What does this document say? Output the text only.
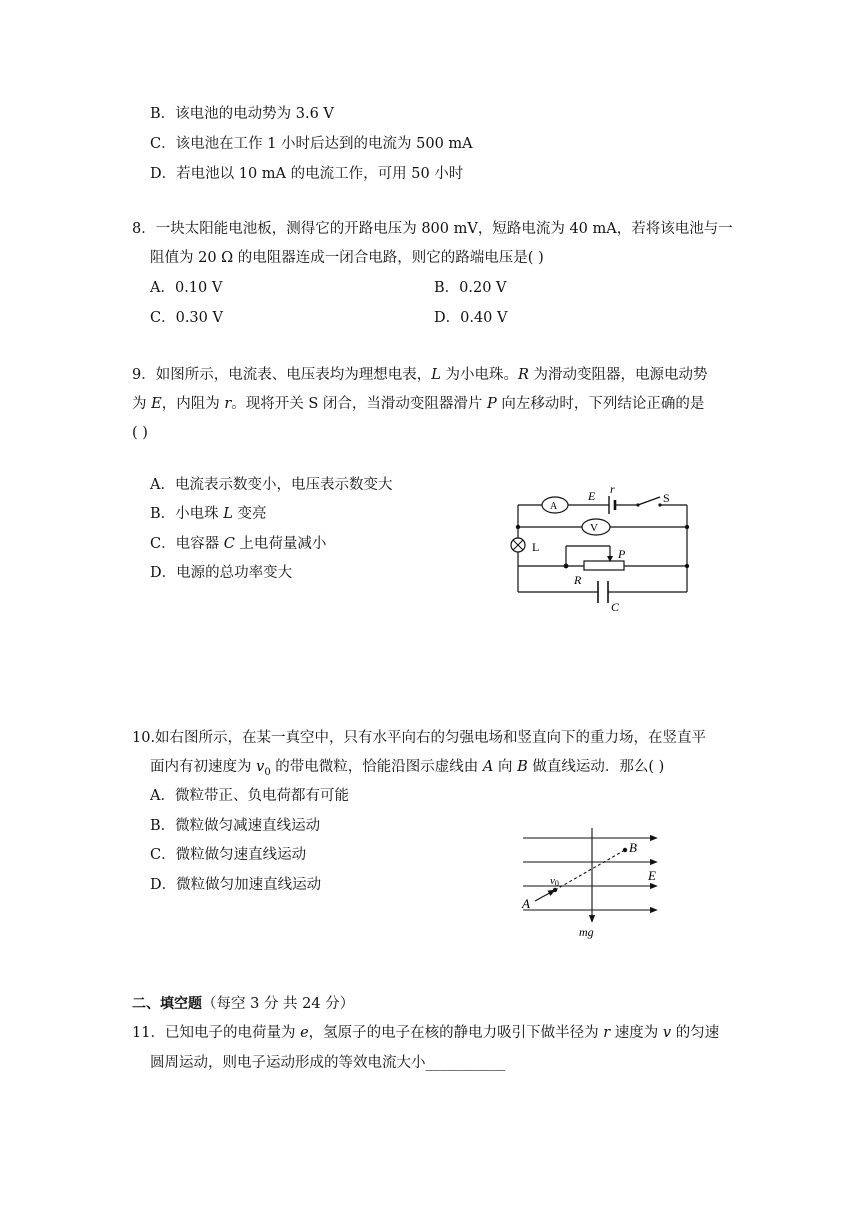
B．该电池的电动势为 3.6 V
C．该电池在工作 1 小时后达到的电流为 500 mA
D．若电池以 10 mA 的电流工作，可用 50 小时
8．一块太阳能电池板，测得它的开路电压为 800 mV，短路电流为 40 mA，若将该电池与一
阻值为 20 Ω 的电阻器连成一闭合电路，则它的路端电压是( )
A．0.10 V	B．0.20 V
C．0.30 V	D．0.40 V
9．如图所示，电流表、电压表均为理想电表，L 为小电珠。R 为滑动变阻器，电源电动势
为 E，内阻为 r。现将开关 S 闭合，当滑动变阻器滑片 P 向左移动时，下列结论正确的是
( )
A．电流表示数变小，电压表示数变大
B．小电珠 L 变亮
C．电容器 C 上电荷量减小
D．电源的总功率变大
A
E r
S
V
L	P
R
C
10.如右图所示，在某一真空中，只有水平向右的匀强电场和竖直向下的重力场，在竖直平
面内有初速度为 $v_0$ 的带电微粒，恰能沿图示虚线由 A 向 B 做直线运动．那么( )
A．微粒带正、负电荷都有可能
B．微粒做匀减速直线运动
C．微粒做匀速直线运动
D．微粒做匀加速直线运动
B
E
v0
A
mg
二、填空题（每空 3 分 共 24 分）
11．已知电子的电荷量为 e，氢原子的电子在核的静电力吸引下做半径为 r 速度为 v 的匀速
圆周运动，则电子运动形成的等效电流大小___________
